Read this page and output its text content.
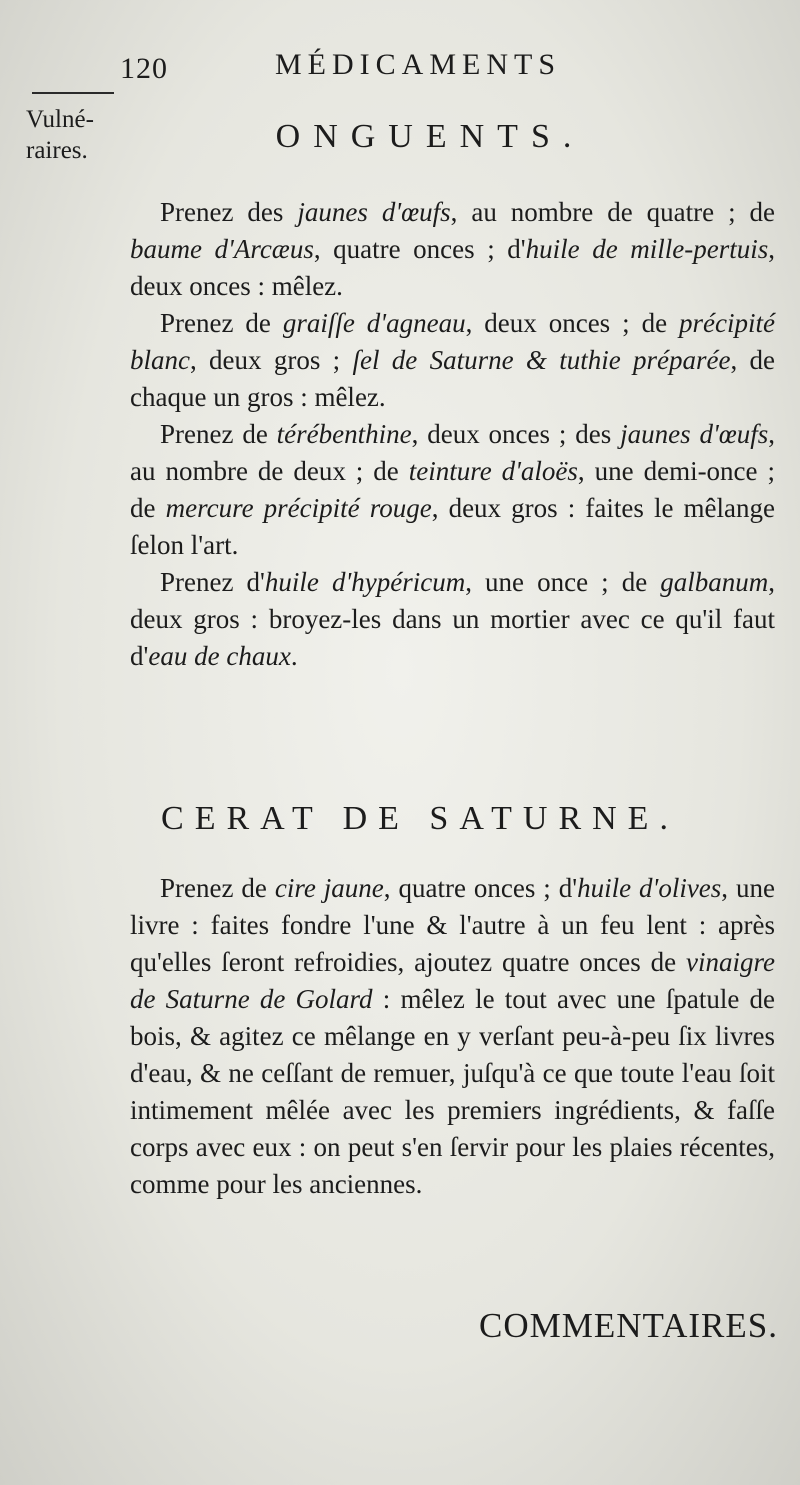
120	MÉDICAMENTS
Vulné-
raires.	ONGUENTS.

Prenez des jaunes d'œufs, au nombre de quatre ; de baume d'Arcæus, quatre onces ; d'huile de mille-pertuis, deux onces : mêlez.

Prenez de graiſſe d'agneau, deux onces ; de précipité blanc, deux gros ; ſel de Saturne & tuthie préparée, de chaque un gros : mêlez.

Prenez de térébenthine, deux onces ; des jaunes d'œufs, au nombre de deux ; de teinture d'aloës, une demi-once ; de mercure précipité rouge, deux gros : faites le mêlange ſelon l'art.

Prenez d'huile d'hypéricum, une once ; de galbanum, deux gros : broyez-les dans un mortier avec ce qu'il faut d'eau de chaux.

CERAT DE SATURNE.

Prenez de cire jaune, quatre onces ; d'huile d'olives, une livre : faites fondre l'une & l'autre à un feu lent : après qu'elles ſeront refroidies, ajoutez quatre onces de vinaigre de Saturne de Golard : mêlez le tout avec une ſpatule de bois, & agitez ce mêlange en y verſant peu-à-peu ſix livres d'eau, & ne ceſſant de remuer, juſqu'à ce que toute l'eau ſoit intimement mêlée avec les premiers ingrédients, & faſſe corps avec eux : on peut s'en ſervir pour les plaies récentes, comme pour les anciennes.

COMMENTAIRES.
